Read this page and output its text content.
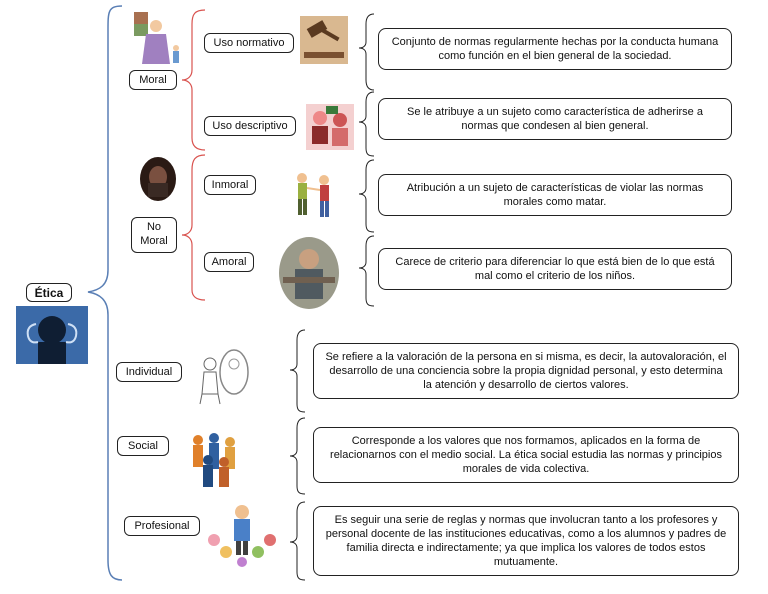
Ética
Moral
Uso normativo
Uso descriptivo
No
Moral
Inmoral
Amoral
Conjunto de normas regularmente hechas por la conducta humana como función en el bien general de la sociedad.
Se le atribuye a un sujeto como característica de adherirse a normas que condesen al bien general.
Atribución a un sujeto de características de violar las normas morales como matar.
Carece de criterio para diferenciar lo que está bien de lo que está mal como el criterio de los niños.
Individual
Se refiere a la valoración de la persona en si misma, es decir, la autovaloración, el desarrollo de una conciencia sobre la propia dignidad personal, y esto determina la atención y desarrollo de ciertos valores.
Social	Corresponde a los valores que nos formamos, aplicados en la forma de relacionarnos con el medio social. La ética social estudia las normas y principios morales de vida colectiva.
Profesional	Es seguir una serie de reglas y normas que involucran tanto a los profesores y personal docente de las instituciones educativas, como a los alumnos y padres de familia directa e indirectamente; ya que implica los valores de todos estos mutuamente.
